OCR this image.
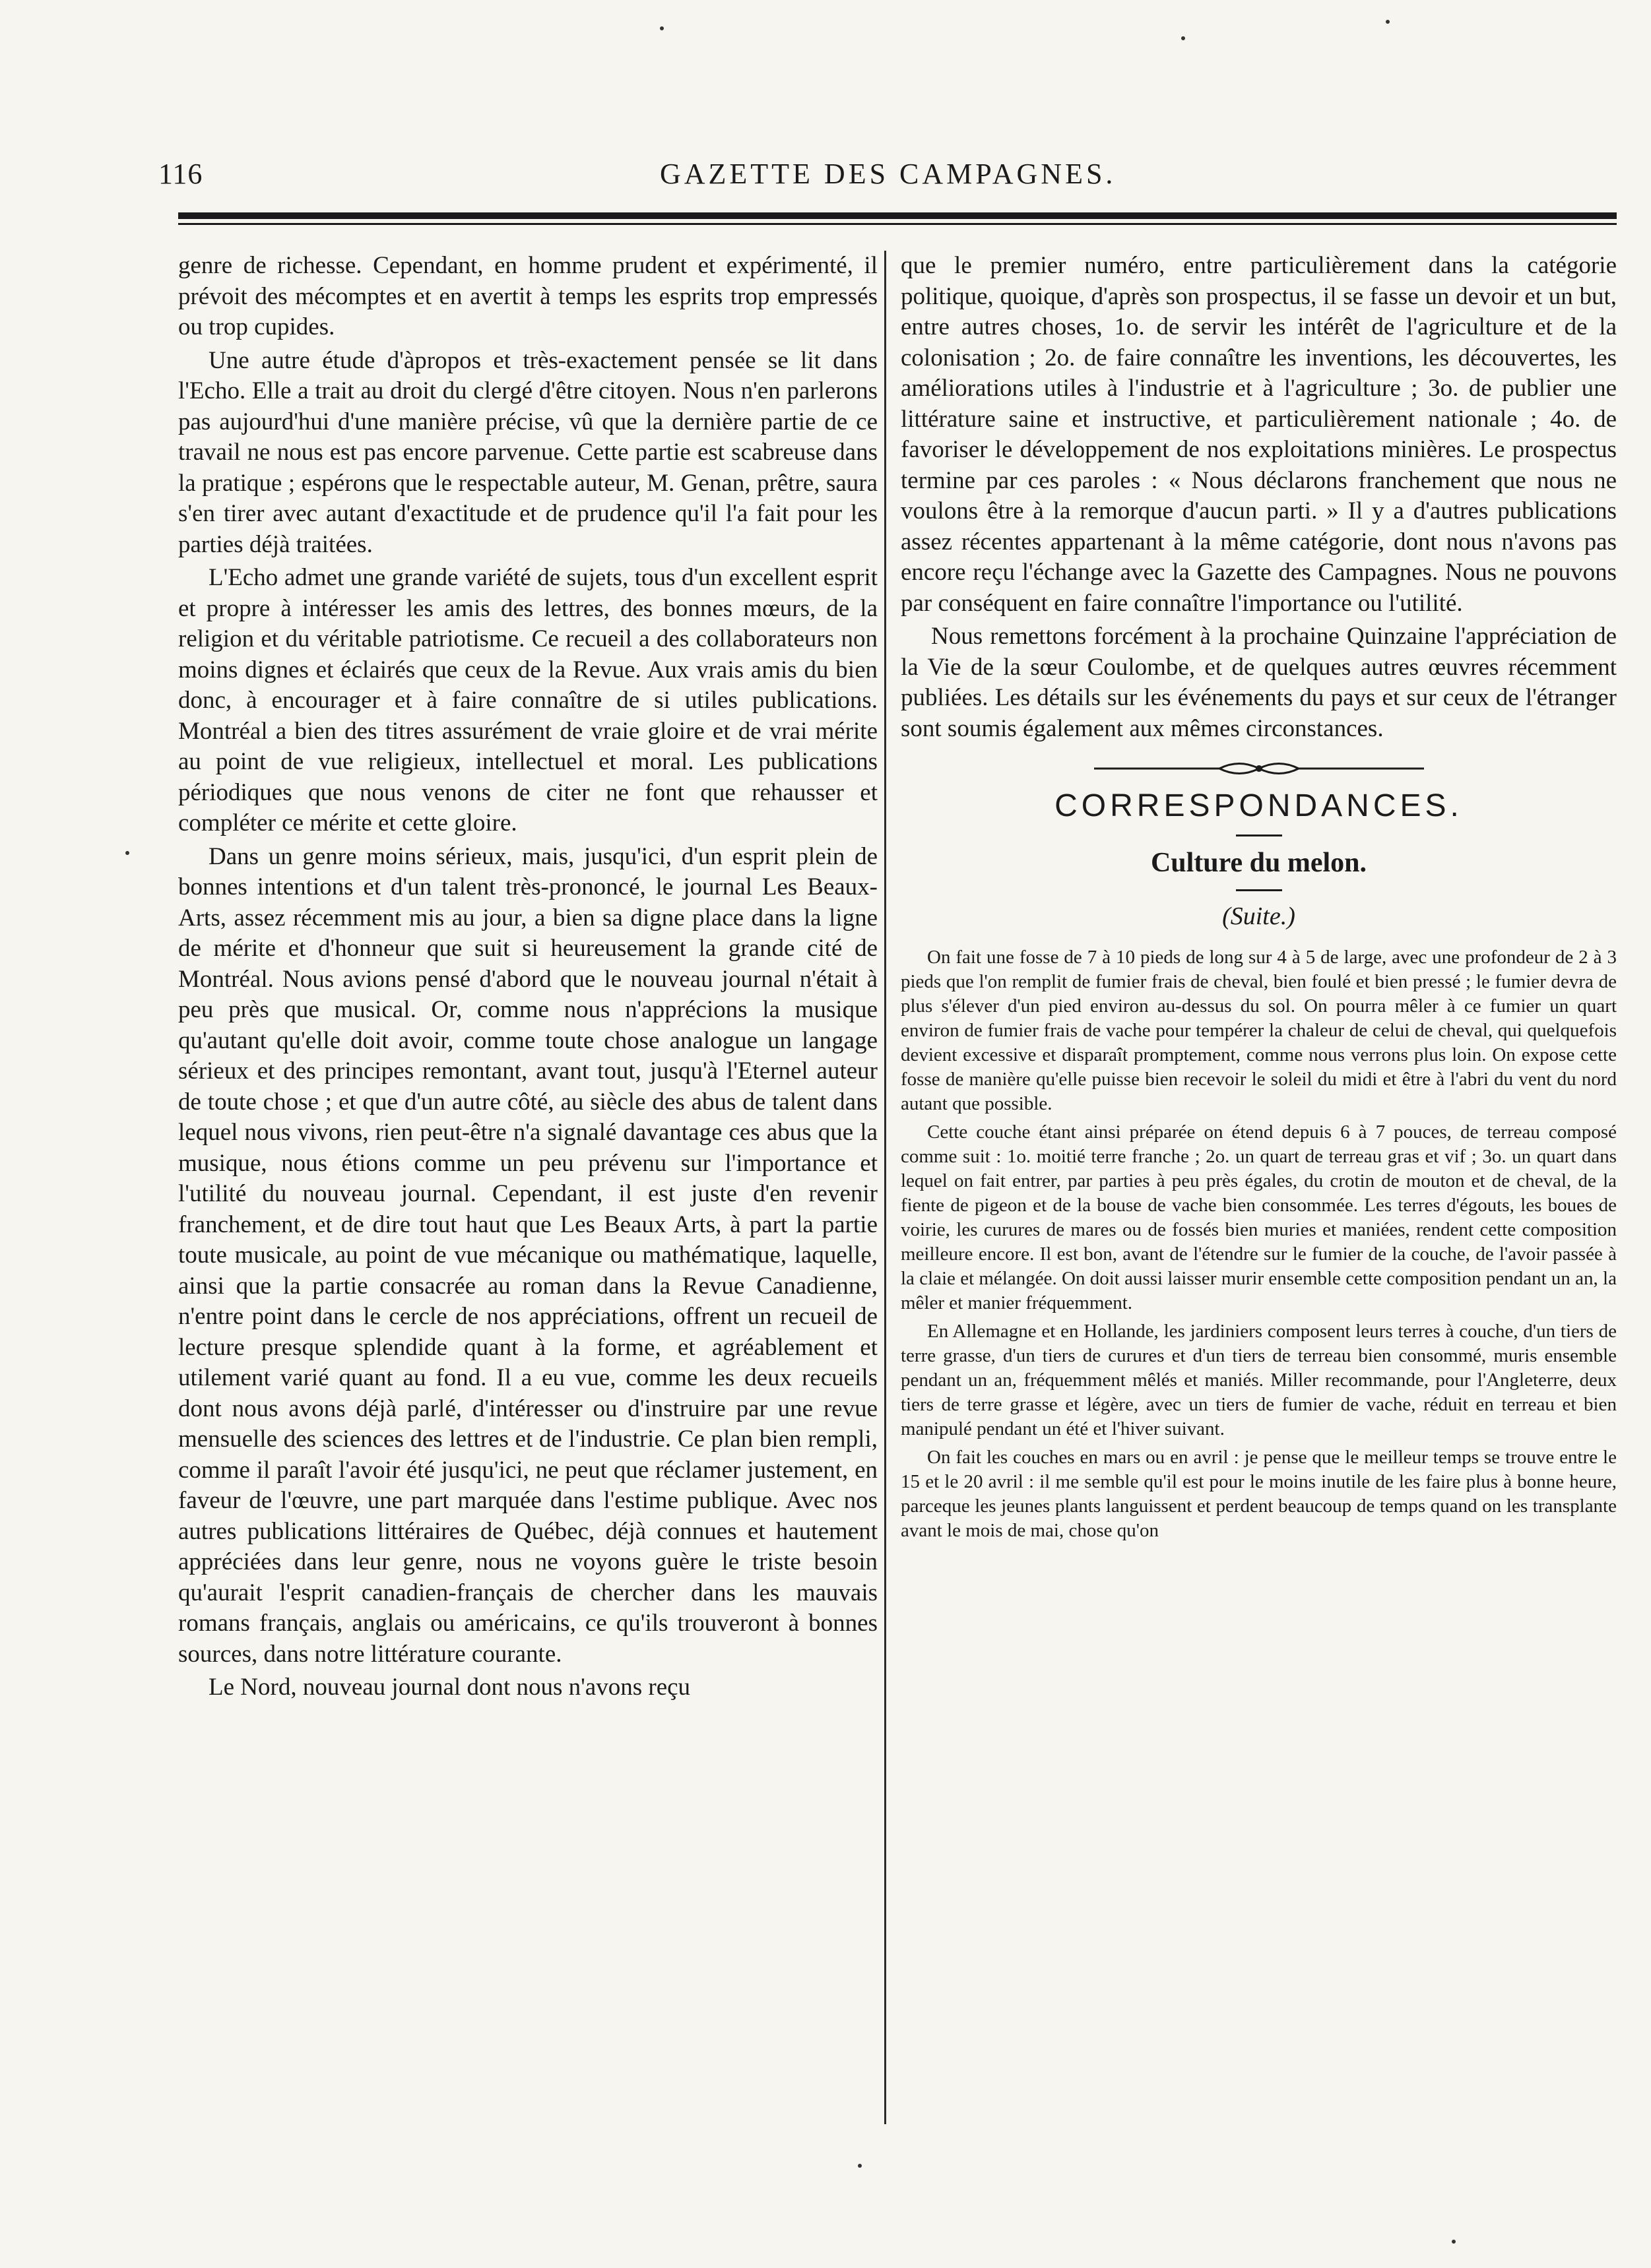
116	GAZETTE DES CAMPAGNES.

genre de richesse. Cependant, en homme prudent et expérimenté, il prévoit des mécomptes et en avertit à temps les esprits trop empressés ou trop cupides.

Une autre étude d'àpropos et très-exactement pensée se lit dans l'Echo. Elle a trait au droit du clergé d'être citoyen. Nous n'en parlerons pas aujourd'hui d'une manière précise, vû que la dernière partie de ce travail ne nous est pas encore parvenue. Cette partie est scabreuse dans la pratique ; espérons que le respectable auteur, M. Genan, prêtre, saura s'en tirer avec autant d'exactitude et de prudence qu'il l'a fait pour les parties déjà traitées.

L'Echo admet une grande variété de sujets, tous d'un excellent esprit et propre à intéresser les amis des lettres, des bonnes mœurs, de la religion et du véritable patriotisme. Ce recueil a des collaborateurs non moins dignes et éclairés que ceux de la Revue. Aux vrais amis du bien donc, à encourager et à faire connaître de si utiles publications. Montréal a bien des titres assurément de vraie gloire et de vrai mérite au point de vue religieux, intellectuel et moral. Les publications périodiques que nous venons de citer ne font que rehausser et compléter ce mérite et cette gloire.

Dans un genre moins sérieux, mais, jusqu'ici, d'un esprit plein de bonnes intentions et d'un talent très-prononcé, le journal Les Beaux-Arts, assez récemment mis au jour, a bien sa digne place dans la ligne de mérite et d'honneur que suit si heureusement la grande cité de Montréal. Nous avions pensé d'abord que le nouveau journal n'était à peu près que musical. Or, comme nous n'apprécions la musique qu'autant qu'elle doit avoir, comme toute chose analogue un langage sérieux et des principes remontant, avant tout, jusqu'à l'Eternel auteur de toute chose ; et que d'un autre côté, au siècle des abus de talent dans lequel nous vivons, rien peut-être n'a signalé davantage ces abus que la musique, nous étions comme un peu prévenu sur l'importance et l'utilité du nouveau journal. Cependant, il est juste d'en revenir franchement, et de dire tout haut que Les Beaux Arts, à part la partie toute musicale, au point de vue mécanique ou mathématique, laquelle, ainsi que la partie consacrée au roman dans la Revue Canadienne, n'entre point dans le cercle de nos appréciations, offrent un recueil de lecture presque splendide quant à la forme, et agréablement et utilement varié quant au fond. Il a eu vue, comme les deux recueils dont nous avons déjà parlé, d'intéresser ou d'instruire par une revue mensuelle des sciences des lettres et de l'industrie. Ce plan bien rempli, comme il paraît l'avoir été jusqu'ici, ne peut que réclamer justement, en faveur de l'œuvre, une part marquée dans l'estime publique. Avec nos autres publications littéraires de Québec, déjà connues et hautement appréciées dans leur genre, nous ne voyons guère le triste besoin qu'aurait l'esprit canadien-français de chercher dans les mauvais romans français, anglais ou américains, ce qu'ils trouveront à bonnes sources, dans notre littérature courante.

Le Nord, nouveau journal dont nous n'avons reçu

que le premier numéro, entre particulièrement dans la catégorie politique, quoique, d'après son prospectus, il se fasse un devoir et un but, entre autres choses, 1o. de servir les intérêt de l'agriculture et de la colonisation ; 2o. de faire connaître les inventions, les découvertes, les améliorations utiles à l'industrie et à l'agriculture ; 3o. de publier une littérature saine et instructive, et particulièrement nationale ; 4o. de favoriser le développement de nos exploitations minières. Le prospectus termine par ces paroles : « Nous déclarons franchement que nous ne voulons être à la remorque d'aucun parti. » Il y a d'autres publications assez récentes appartenant à la même catégorie, dont nous n'avons pas encore reçu l'échange avec la Gazette des Campagnes. Nous ne pouvons par conséquent en faire connaître l'importance ou l'utilité.

Nous remettons forcément à la prochaine Quinzaine l'appréciation de la Vie de la sœur Coulombe, et de quelques autres œuvres récemment publiées. Les détails sur les événements du pays et sur ceux de l'étranger sont soumis également aux mêmes circonstances.

CORRESPONDANCES.
Culture du melon.

(Suite.)

On fait une fosse de 7 à 10 pieds de long sur 4 à 5 de large, avec une profondeur de 2 à 3 pieds que l'on remplit de fumier frais de cheval, bien foulé et bien pressé ; le fumier devra de plus s'élever d'un pied environ au-dessus du sol. On pourra mêler à ce fumier un quart environ de fumier frais de vache pour tempérer la chaleur de celui de cheval, qui quelquefois devient excessive et disparaît promptement, comme nous verrons plus loin. On expose cette fosse de manière qu'elle puisse bien recevoir le soleil du midi et être à l'abri du vent du nord autant que possible.

Cette couche étant ainsi préparée on étend depuis 6 à 7 pouces, de terreau composé comme suit : 1o. moitié terre franche ; 2o. un quart de terreau gras et vif ; 3o. un quart dans lequel on fait entrer, par parties à peu près égales, du crotin de mouton et de cheval, de la fiente de pigeon et de la bouse de vache bien consommée. Les terres d'égouts, les boues de voirie, les curures de mares ou de fossés bien muries et maniées, rendent cette composition meilleure encore. Il est bon, avant de l'étendre sur le fumier de la couche, de l'avoir passée à la claie et mélangée. On doit aussi laisser murir ensemble cette composition pendant un an, la mêler et manier fréquemment.

En Allemagne et en Hollande, les jardiniers composent leurs terres à couche, d'un tiers de terre grasse, d'un tiers de curures et d'un tiers de terreau bien consommé, muris ensemble pendant un an, fréquemment mêlés et maniés. Miller recommande, pour l'Angleterre, deux tiers de terre grasse et légère, avec un tiers de fumier de vache, réduit en terreau et bien manipulé pendant un été et l'hiver suivant.

On fait les couches en mars ou en avril : je pense que le meilleur temps se trouve entre le 15 et le 20 avril : il me semble qu'il est pour le moins inutile de les faire plus à bonne heure, parceque les jeunes plants languissent et perdent beaucoup de temps quand on les transplante avant le mois de mai, chose qu'on
